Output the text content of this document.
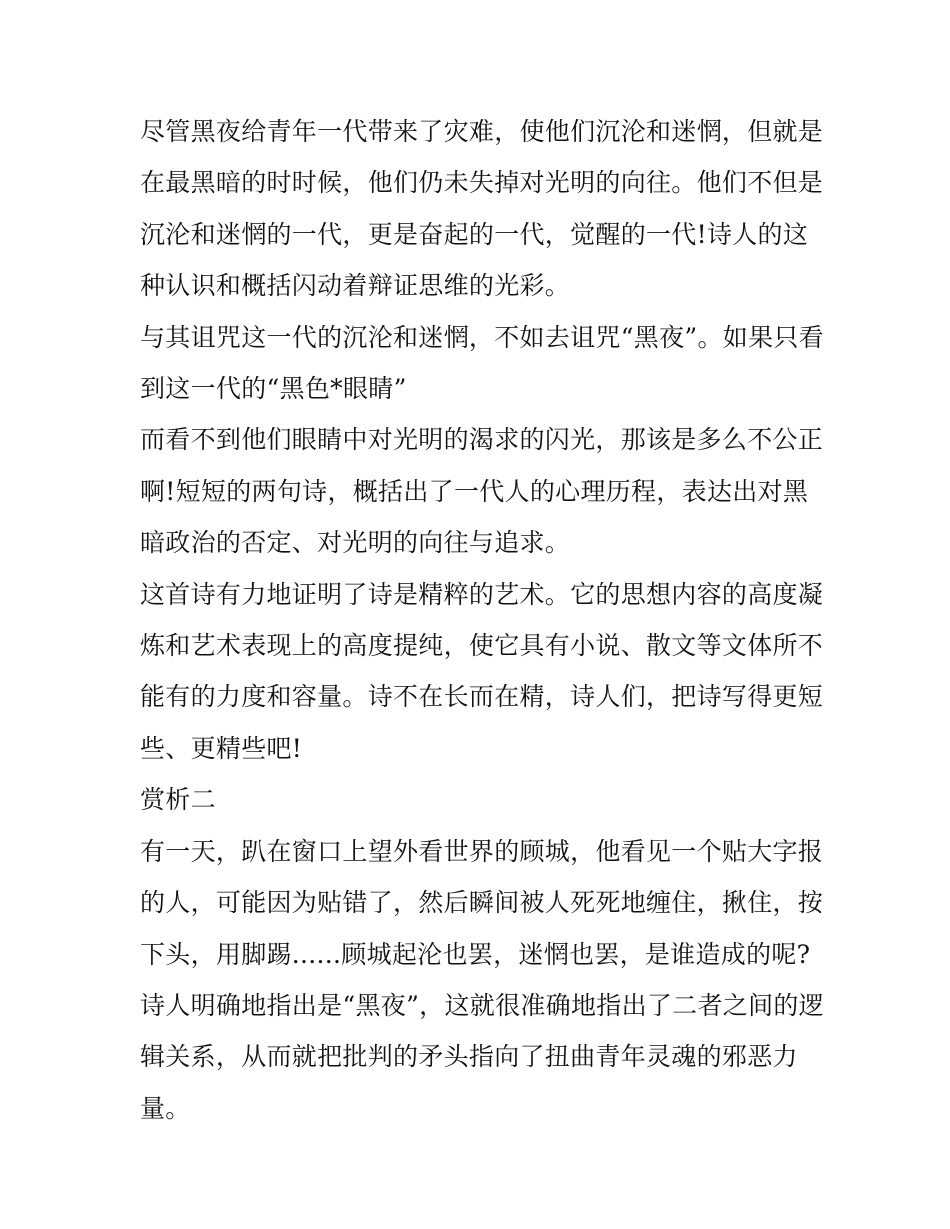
尽管黑夜给青年一代带来了灾难，使他们沉沦和迷惘，但就是
在最黑暗的时时候，他们仍未失掉对光明的向往。他们不但是
沉沦和迷惘的一代，更是奋起的一代，觉醒的一代!诗人的这
种认识和概括闪动着辩证思维的光彩。

与其诅咒这一代的沉沦和迷惘，不如去诅咒“黑夜”。如果只看
到这一代的“黑色*眼睛”

而看不到他们眼睛中对光明的渴求的闪光，那该是多么不公正
啊!短短的两句诗，概括出了一代人的心理历程，表达出对黑
暗政治的否定、对光明的向往与追求。

这首诗有力地证明了诗是精粹的艺术。它的思想内容的高度凝
炼和艺术表现上的高度提纯，使它具有小说、散文等文体所不
能有的力度和容量。诗不在长而在精，诗人们，把诗写得更短
些、更精些吧!

赏析二

有一天，趴在窗口上望外看世界的顾城，他看见一个贴大字报
的人，可能因为贴错了，然后瞬间被人死死地缠住，揪住，按
下头，用脚踢......顾城起沦也罢，迷惘也罢，是谁造成的呢?
诗人明确地指出是“黑夜”，这就很准确地指出了二者之间的逻
辑关系，从而就把批判的矛头指向了扭曲青年灵魂的邪恶力
量。
